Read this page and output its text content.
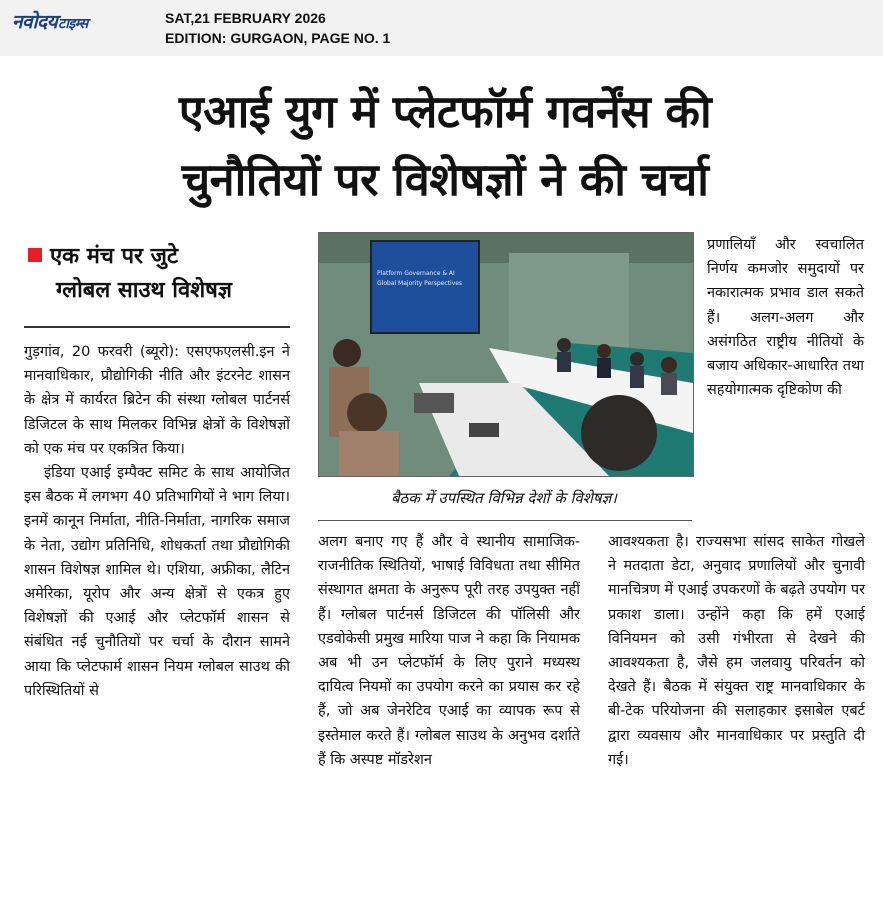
नवोदयटाइम्स	SAT,21 FEBRUARY 2026
EDITION: GURGAON, PAGE NO. 1
एआई युग में प्लेटफॉर्म गवर्नेंस की
चुनौतियों पर विशेषज्ञों ने की चर्चा
एक मंच पर जुटे
ग्लोबल साउथ विशेषज्ञ

गुड़गांव, 20 फरवरी (ब्यूरो): एसएफएलसी.इन ने मानवाधिकार, प्रौद्योगिकी नीति और इंटरनेट शासन के क्षेत्र में कार्यरत ब्रिटेन की संस्था ग्लोबल पार्टनर्स डिजिटल के साथ मिलकर विभिन्न क्षेत्रों के विशेषज्ञों को एक मंच पर एकत्रित किया।

इंडिया एआई इम्पैक्ट समिट के साथ आयोजित इस बैठक में लगभग 40 प्रतिभागियों ने भाग लिया। इनमें कानून निर्माता, नीति-निर्माता, नागरिक समाज के नेता, उद्योग प्रतिनिधि, शोधकर्ता तथा प्रौद्योगिकी शासन विशेषज्ञ शामिल थे। एशिया, अफ्रीका, लैटिन अमेरिका, यूरोप और अन्य क्षेत्रों से एकत्र हुए विशेषज्ञों की एआई और प्लेटफॉर्म शासन से संबंधित नई चुनौतियों पर चर्चा के दौरान सामने आया कि प्लेटफार्म शासन नियम ग्लोबल साउथ की परिस्थितियों से

Platform Governance & AI
Global Majority Perspectives
बैठक में उपस्थित विभिन्न देशों के विशेषज्ञ।

प्रणालियाँ और स्वचालित निर्णय कमजोर समुदायों पर नकारात्मक प्रभाव डाल सकते हैं। अलग-अलग और असंगठित राष्ट्रीय नीतियों के बजाय अधिकार-आधारित तथा सहयोगात्मक दृष्टिकोण की

अलग बनाए गए हैं और वे स्थानीय सामाजिक-राजनीतिक स्थितियों, भाषाई विविधता तथा सीमित संस्थागत क्षमता के अनुरूप पूरी तरह उपयुक्त नहीं हैं। ग्लोबल पार्टनर्स डिजिटल की पॉलिसी और एडवोकेसी प्रमुख मारिया पाज ने कहा कि नियामक अब भी उन प्लेटफॉर्म के लिए पुराने मध्यस्थ दायित्व नियमों का उपयोग करने का प्रयास कर रहे हैं, जो अब जेनरेटिव एआई का व्यापक रूप से इस्तेमाल करते हैं। ग्लोबल साउथ के अनुभव दर्शाते हैं कि अस्पष्ट मॉडरेशन

आवश्यकता है। राज्यसभा सांसद साकेत गोखले ने मतदाता डेटा, अनुवाद प्रणालियों और चुनावी मानचित्रण में एआई उपकरणों के बढ़ते उपयोग पर प्रकाश डाला। उन्होंने कहा कि हमें एआई विनियमन को उसी गंभीरता से देखने की आवश्यकता है, जैसे हम जलवायु परिवर्तन को देखते हैं। बैठक में संयुक्त राष्ट्र मानवाधिकार के बी-टेक परियोजना की सलाहकार इसाबेल एबर्ट द्वारा व्यवसाय और मानवाधिकार पर प्रस्तुति दी गई।
